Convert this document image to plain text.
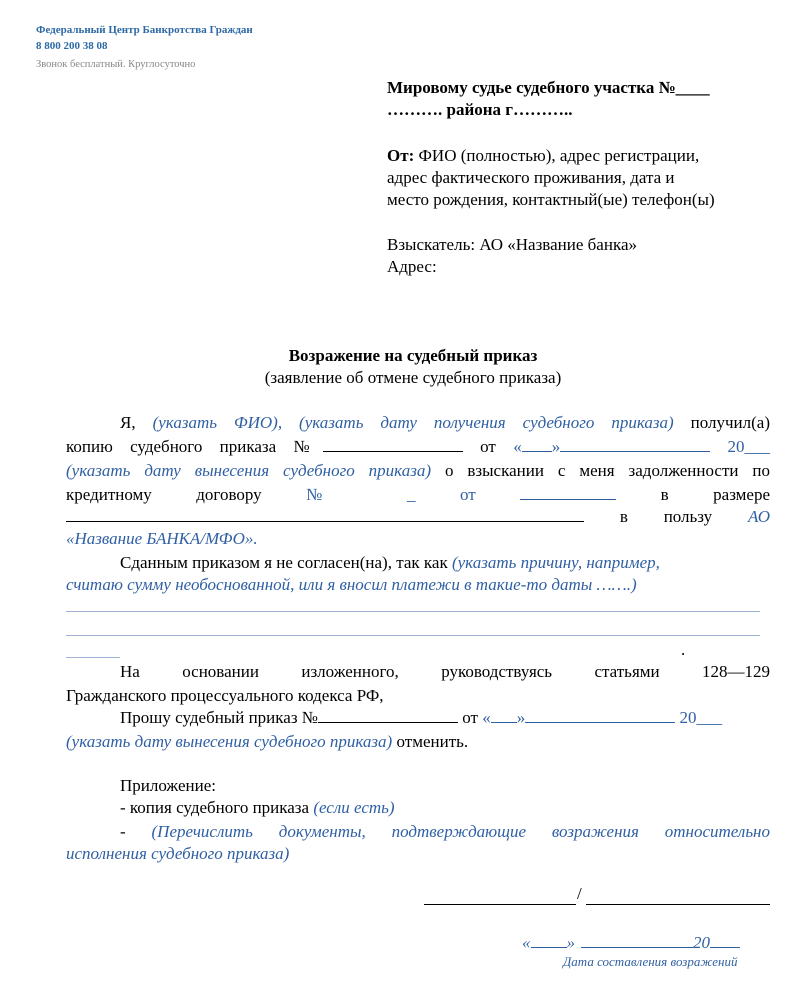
Федеральный Центр Банкротства Граждан
8 800 200 38 08
Звонок бесплатный. Круглосуточно
Мировому судье судебного участка №____
………. района г………..
От: ФИО (полностью), адрес регистрации,
адрес фактического проживания, дата и
место рождения, контактный(ые) телефон(ы)
Взыскатель: АО «Название банка»
Адрес:
Возражение на судебный приказ
(заявление об отмене судебного приказа)
Я, (указать ФИО), (указать дату получения судебного приказа) получил(а)
копию судебного приказа №	от « »	20___
(указать дату вынесения судебного приказа) о взыскании с меня задолженности по
кредитному	договору	№	_	от	в	размере
в пользу АО
«Название БАНКА/МФО».
Сданным приказом я не согласен(на), так как (указать причину, например,
считаю сумму необоснованной, или я вносил платежи в такие-то даты …….)
.
На основании изложенного, руководствуясь статьями 128—129
Гражданского процессуального кодекса РФ,
Прошу судебный приказ №	от « »	20___
(указать дату вынесения судебного приказа) отменить.
Приложение:
- копия судебного приказа (если есть)
- (Перечислить документы, подтверждающие возражения относительно
исполнения судебного приказа)
/
« »	20
Дата составления возражений
